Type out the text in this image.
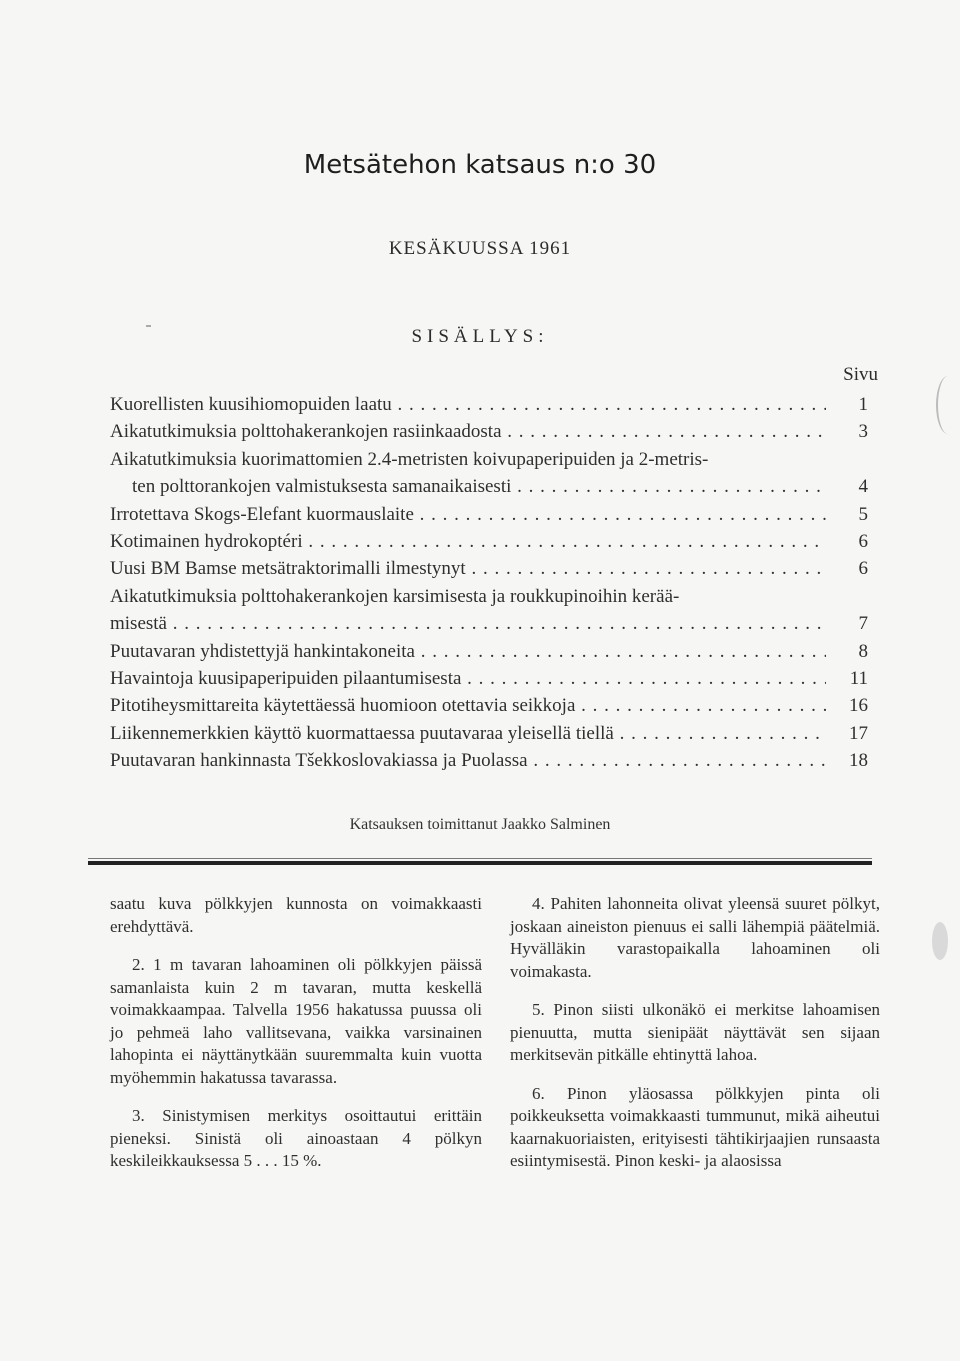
Metsätehon katsaus n:o 30
KESÄKUUSSA 1961
SISÄLLYS:
Sivu
Kuorellisten kuusihiomopuiden laatu . . .	1
Aikatutkimuksia polttohakerankojen rasiinkaadosta . . .	3
Aikatutkimuksia kuorimattomien 2.4-metristen koivupaperipuiden ja 2-metris-
ten polttorankojen valmistuksesta samanaikaisesti . . .	4
Irrotettava Skogs-Elefant kuormauslaite . . .	5
Kotimainen hydrokoptéri . . .	6
Uusi BM Bamse metsätraktorimalli ilmestynyt . . .	6
Aikatutkimuksia polttohakerankojen karsimisesta ja roukkupinoihin kerää-
misestä . . .	7
Puutavaran yhdistettyjä hankintakoneita . . .	8
Havaintoja kuusipaperipuiden pilaantumisesta . . .	11
Pitotiheysmittareita käytettäessä huomioon otettavia seikkoja . . .	16
Liikennemerkkien käyttö kuormattaessa puutavaraa yleisellä tiellä . . .	17
Puutavaran hankinnasta Tšekkoslovakiassa ja Puolassa . . .	18
Katsauksen toimittanut Jaakko Salminen

saatu kuva pölkkyjen kunnosta on voimakkaasti erehdyttävä.

2. 1 m tavaran lahoaminen oli pölkkyjen päissä samanlaista kuin 2 m tavaran, mutta keskellä voimakkaampaa. Talvella 1956 hakatussa puussa oli jo pehmeä laho vallitsevana, vaikka varsinainen lahopinta ei näyttänytkään suuremmalta kuin vuotta myöhemmin hakatussa tavarassa.

3. Sinistymisen merkitys osoittautui erittäin pieneksi. Sinistä oli ainoastaan 4 pölkyn keskileikkauksessa 5 . . . 15 %.

4. Pahiten lahonneita olivat yleensä suuret pölkyt, joskaan aineiston pienuus ei salli lähempiä päätelmiä. Hyvälläkin varastopaikalla lahoaminen oli voimakasta.

5. Pinon siisti ulkonäkö ei merkitse lahoamisen pienuutta, mutta sienipäät näyttävät sen sijaan merkitsevän pitkälle ehtinyttä lahoa.

6. Pinon yläosassa pölkkyjen pinta oli poikkeuksetta voimakkaasti tummunut, mikä aiheutui kaarnakuoriaisten, erityisesti tähtikirjaajien runsaasta esiintymisestä. Pinon keski- ja alaosissa
